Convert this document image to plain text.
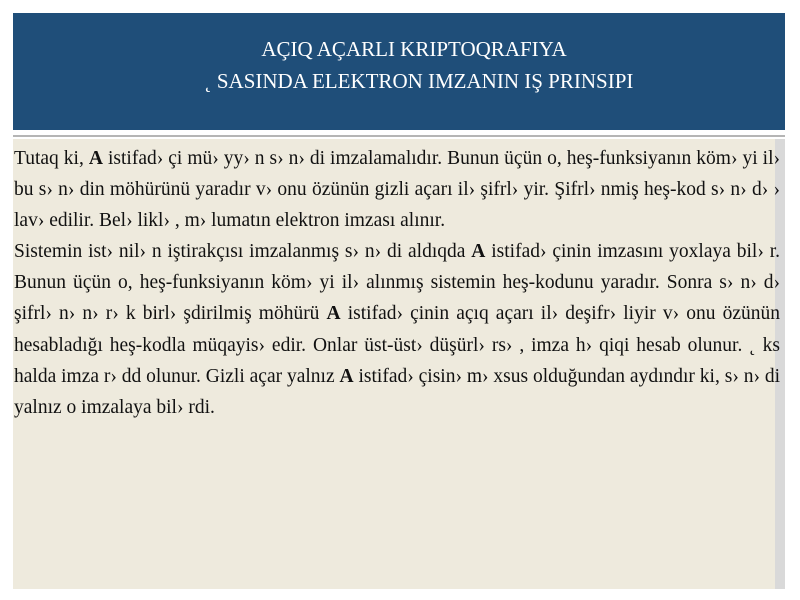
AÇIQ AÇARLI KRIPTOQRAFIYA
˛ SASINDA ELEKTRON IMZANIN IŞ PRINSIPI

Tutaq ki, A istifad› çi mü› yy› n s› n› di imzalamalıdır. Bunun üçün o, heş-funksiyanın köm› yi il› bu s› n› din möhürünü yaradır v› onu özünün gizli açarı il› şifrl› yir. Şifrl› nmiş heş-kod s› n› d› › lav› edilir. Bel› likl› , m› lumatın elektron imzası alınır.

Sistemin ist› nil› n iştirakçısı imzalanmış s› n› di aldıqda A istifad› çinin imzasını yoxlaya bil› r. Bunun üçün o, heş-funksiyanın köm› yi il› alınmış sistemin heş-kodunu yaradır. Sonra s› n› d› şifrl› n› n› r› k birl› şdirilmiş möhürü A istifad› çinin açıq açarı il› deşifr› liyir v› onu özünün hesabladığı heş-kodla müqayis› edir. Onlar üst-üst› düşürl› rs› , imza h› qiqi hesab olunur. ˛ ks halda imza r› dd olunur. Gizli açar yalnız A istifad› çisin› m› xsus olduğundan aydındır ki, s› n› di yalnız o imzalaya bil› rdi.
